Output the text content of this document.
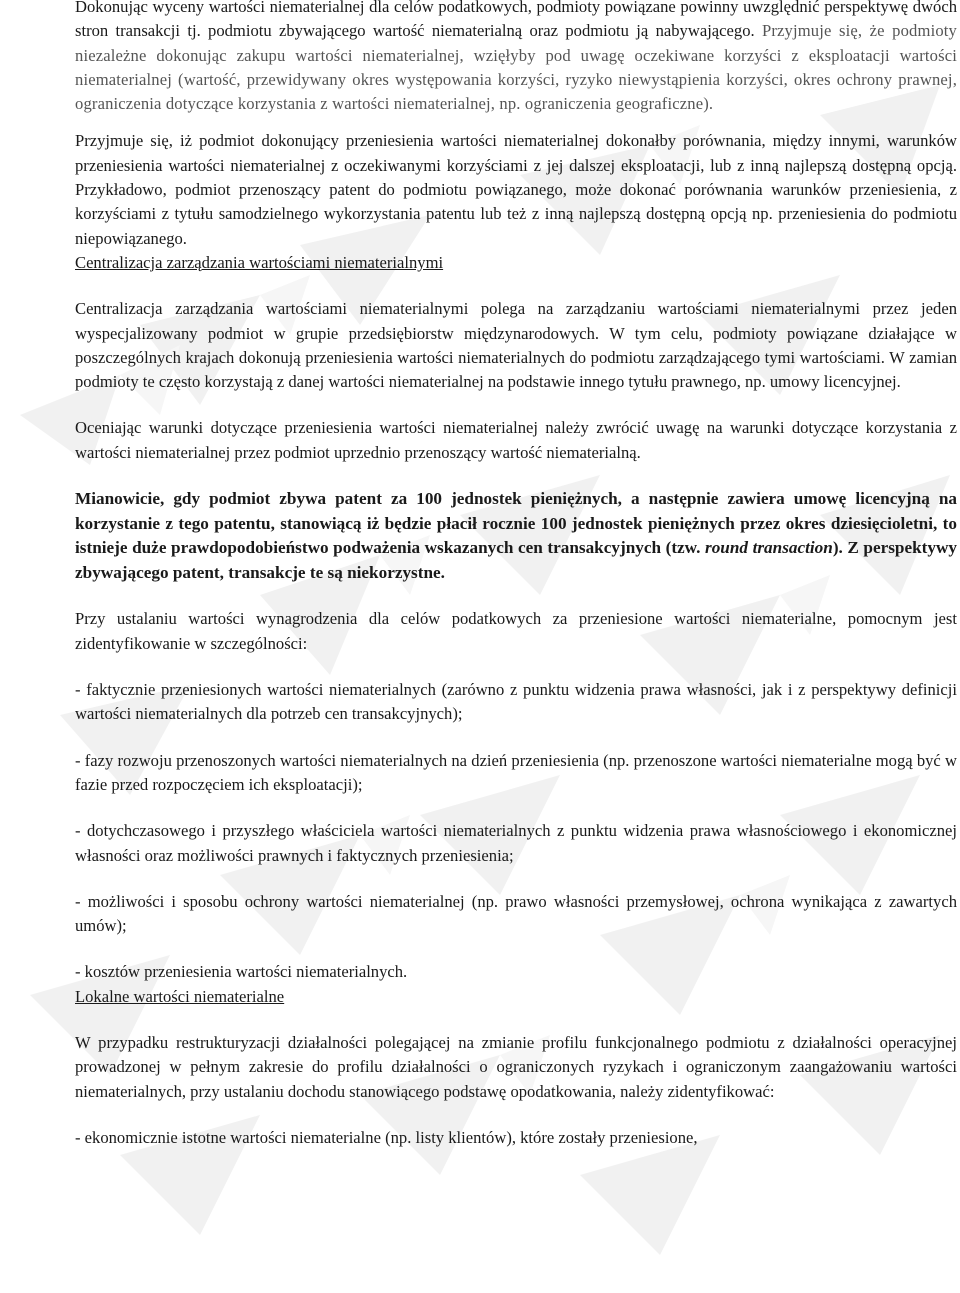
Dokonując wyceny wartości niematerialnej dla celów podatkowych, podmioty powiązane powinny uwzględnić perspektywę dwóch stron transakcji tj. podmiotu zbywającego wartość niematerialną oraz podmiotu ją nabywającego. Przyjmuje się, że podmioty niezależne dokonując zakupu wartości niematerialnej, wzięłyby pod uwagę oczekiwane korzyści z eksploatacji wartości niematerialnej (wartość, przewidywany okres występowania korzyści, ryzyko niewystąpienia korzyści, okres ochrony prawnej, ograniczenia dotyczące korzystania z wartości niematerialnej, np. ograniczenia geograficzne).

Przyjmuje się, iż podmiot dokonujący przeniesienia wartości niematerialnej dokonałby porównania, między innymi, warunków przeniesienia wartości niematerialnej z oczekiwanymi korzyściami z jej dalszej eksploatacji, lub z inną najlepszą dostępną opcją. Przykładowo, podmiot przenoszący patent do podmiotu powiązanego, może dokonać porównania warunków przeniesienia, z korzyściami z tytułu samodzielnego wykorzystania patentu lub też z inną najlepszą dostępną opcją np. przeniesienia do podmiotu niepowiązanego.

Centralizacja zarządzania wartościami niematerialnymi

Centralizacja zarządzania wartościami niematerialnymi polega na zarządzaniu wartościami niematerialnymi przez jeden wyspecjalizowany podmiot w grupie przedsiębiorstw międzynarodowych. W tym celu, podmioty powiązane działające w poszczególnych krajach dokonują przeniesienia wartości niematerialnych do podmiotu zarządzającego tymi wartościami. W zamian podmioty te często korzystają z danej wartości niematerialnej na podstawie innego tytułu prawnego, np. umowy licencyjnej.

Oceniając warunki dotyczące przeniesienia wartości niematerialnej należy zwrócić uwagę na warunki dotyczące korzystania z wartości niematerialnej przez podmiot uprzednio przenoszący wartość niematerialną.

Mianowicie, gdy podmiot zbywa patent za 100 jednostek pieniężnych, a następnie zawiera umowę licencyjną na korzystanie z tego patentu, stanowiącą iż będzie płacił rocznie 100 jednostek pieniężnych przez okres dziesięcioletni, to istnieje duże prawdopodobieństwo podważenia wskazanych cen transakcyjnych (tzw. round transaction). Z perspektywy zbywającego patent, transakcje te są niekorzystne.

Przy ustalaniu wartości wynagrodzenia dla celów podatkowych za przeniesione wartości niematerialne, pomocnym jest zidentyfikowanie w szczególności:

- faktycznie przeniesionych wartości niematerialnych (zarówno z punktu widzenia prawa własności, jak i z perspektywy definicji wartości niematerialnych dla potrzeb cen transakcyjnych);

- fazy rozwoju przenoszonych wartości niematerialnych na dzień przeniesienia (np. przenoszone wartości niematerialne mogą być w fazie przed rozpoczęciem ich eksploatacji);

- dotychczasowego i przyszłego właściciela wartości niematerialnych z punktu widzenia prawa własnościowego i ekonomicznej własności oraz możliwości prawnych i faktycznych przeniesienia;

- możliwości i sposobu ochrony wartości niematerialnej (np. prawo własności przemysłowej, ochrona wynikająca z zawartych umów);

- kosztów przeniesienia wartości niematerialnych.

Lokalne wartości niematerialne

W przypadku restrukturyzacji działalności polegającej na zmianie profilu funkcjonalnego podmiotu z działalności operacyjnej prowadzonej w pełnym zakresie do profilu działalności o ograniczonych ryzykach i ograniczonym zaangażowaniu wartości niematerialnych, przy ustalaniu dochodu stanowiącego podstawę opodatkowania, należy zidentyfikować:

- ekonomicznie istotne wartości niematerialne (np. listy klientów), które zostały przeniesione,
